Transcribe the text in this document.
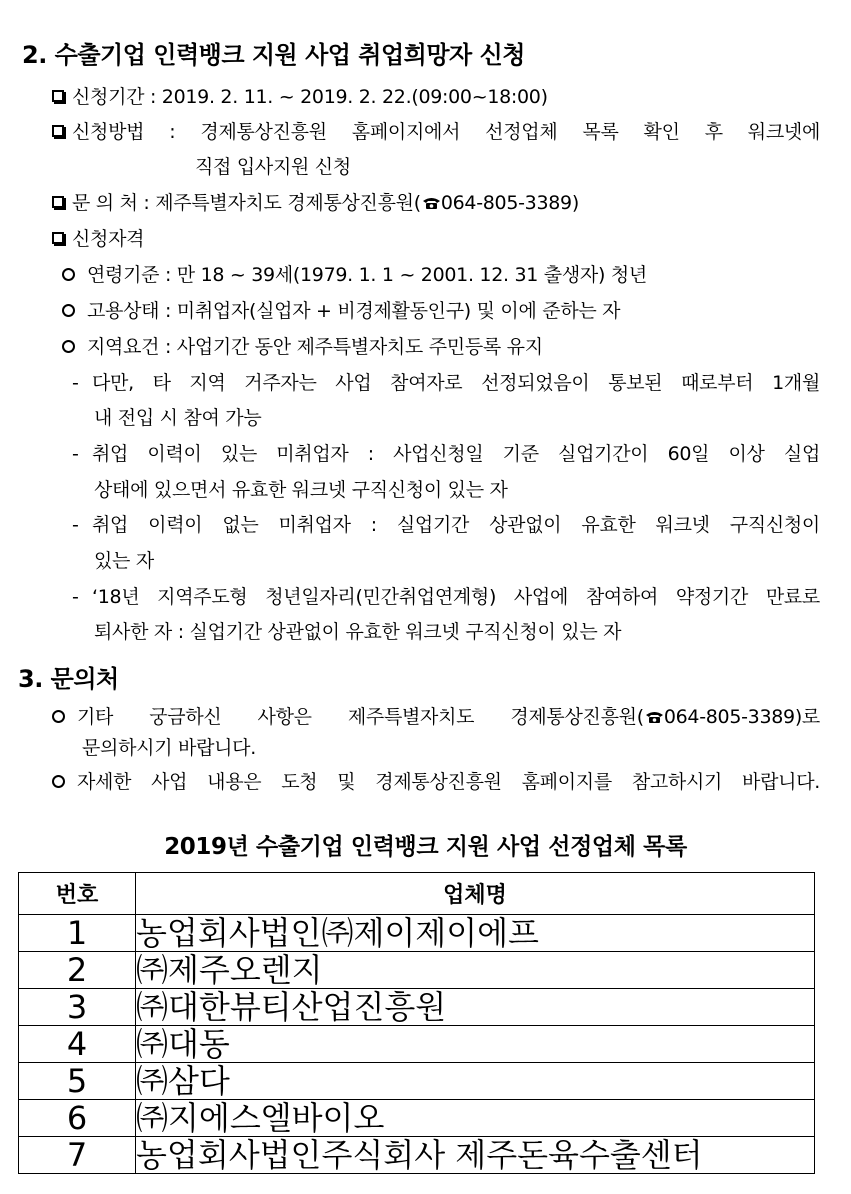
2. 수출기업 인력뱅크 지원 사업 취업희망자 신청
신청기간 : 2019. 2. 11. ~ 2019. 2. 22.(09:00~18:00)
신청방법 : 경제통상진흥원 홈페이지에서 선정업체 목록 확인 후 워크넷에
직접 입사지원 신청
문 의 처 : 제주특별자치도 경제통상진흥원( 064-805-3389)
신청자격
연령기준 : 만 18 ~ 39세(1979. 1. 1 ~ 2001. 12. 31 출생자) 청년
고용상태 : 미취업자(실업자 + 비경제활동인구) 및 이에 준하는 자
지역요건 : 사업기간 동안 제주특별자치도 주민등록 유지
- 다만, 타 지역 거주자는 사업 참여자로 선정되었음이 통보된 때로부터 1개월
내 전입 시 참여 가능
- 취업 이력이 있는 미취업자 : 사업신청일 기준 실업기간이 60일 이상 실업
상태에 있으면서 유효한 워크넷 구직신청이 있는 자
- 취업 이력이 없는 미취업자 : 실업기간 상관없이 유효한 워크넷 구직신청이
있는 자
- ‘18년 지역주도형 청년일자리(민간취업연계형) 사업에 참여하여 약정기간 만료로
퇴사한 자 : 실업기간 상관없이 유효한 워크넷 구직신청이 있는 자
3. 문의처
기타 궁금하신 사항은 제주특별자치도 경제통상진흥원( 064-805-3389)로
문의하시기 바랍니다.
자세한 사업 내용은 도청 및 경제통상진흥원 홈페이지를 참고하시기 바랍니다.
2019년 수출기업 인력뱅크 지원 사업 선정업체 목록
번호	업체명
1	농업회사법인㈜제이제이에프
2	㈜제주오렌지
3	㈜대한뷰티산업진흥원
4	㈜대동
5	㈜삼다
6	㈜지에스엘바이오
7	농업회사법인주식회사 제주돈육수출센터
